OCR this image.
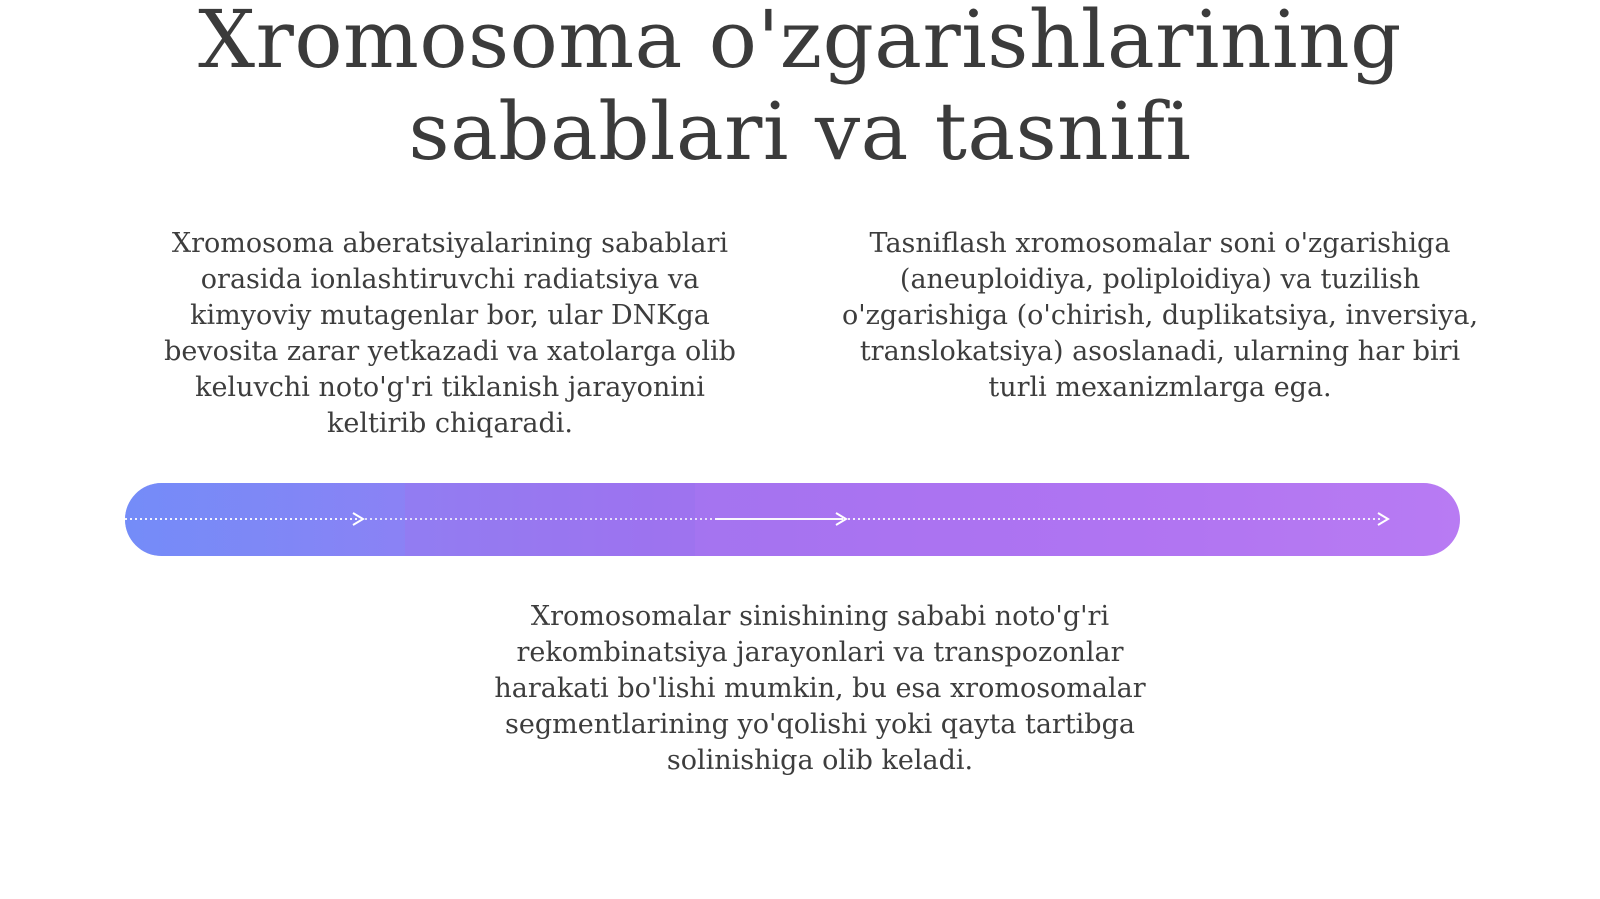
Xromosoma o'zgarishlarining sabablari va tasnifi

Xromosoma aberatsiyalarining sabablari orasida ionlashtiruvchi radiatsiya va kimyoviy mutagenlar bor, ular DNKga bevosita zarar yetkazadi va xatolarga olib keluvchi noto'g'ri tiklanish jarayonini keltirib chiqaradi.

Tasniflash xromosomalar soni o'zgarishiga (aneuploidiya, poliploidiya) va tuzilish o'zgarishiga (o'chirish, duplikatsiya, inversiya, translokatsiya) asoslanadi, ularning har biri turli mexanizmlarga ega.

Xromosomalar sinishining sababi noto'g'ri rekombinatsiya jarayonlari va transpozonlar harakati bo'lishi mumkin, bu esa xromosomalar segmentlarining yo'qolishi yoki qayta tartibga solinishiga olib keladi.
